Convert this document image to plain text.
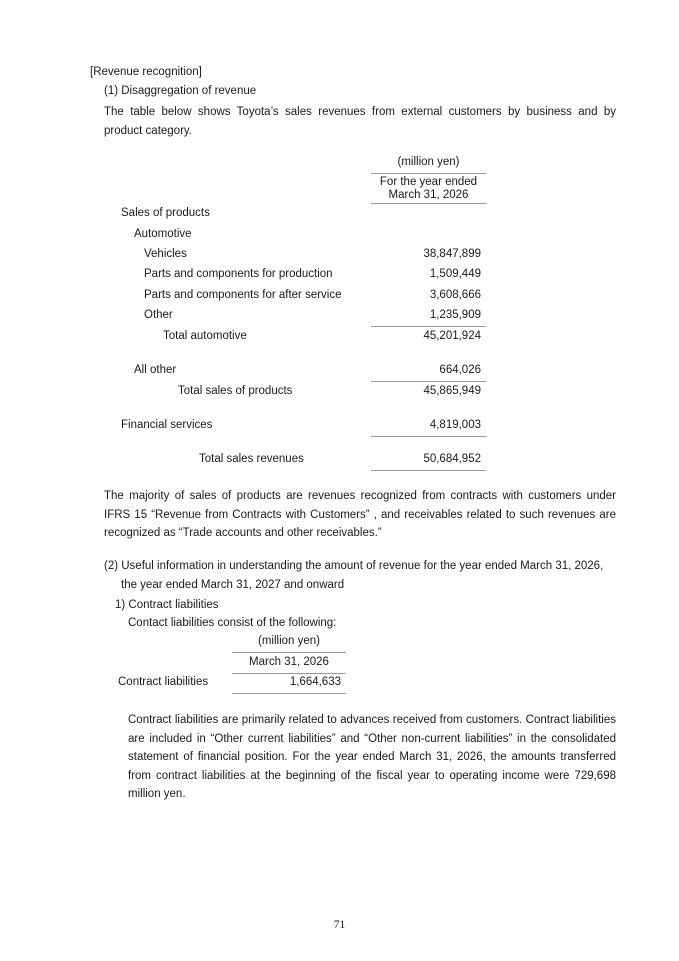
[Revenue recognition]
(1) Disaggregation of revenue
The table below shows Toyota’s sales revenues from external customers by business and by product category.
(million yen)
For the year ended
March 31, 2026
Sales of products
Automotive
Vehicles	38,847,899
Parts and components for production	1,509,449
Parts and components for after service	3,608,666
Other	1,235,909
Total automotive	45,201,924
All other	664,026
Total sales of products	45,865,949
Financial services	4,819,003
Total sales revenues	50,684,952
The majority of sales of products are revenues recognized from contracts with customers under IFRS 15 “Revenue from Contracts with Customers” , and receivables related to such revenues are recognized as “Trade accounts and other receivables.”
(2) Useful information in understanding the amount of revenue for the year ended March 31, 2026,
the year ended March 31, 2027 and onward
1) Contract liabilities
Contact liabilities consist of the following:
(million yen)
March 31, 2026
Contract liabilities	1,664,633
Contract liabilities are primarily related to advances received from customers. Contract liabilities are included in “Other current liabilities” and “Other non-current liabilities” in the consolidated statement of financial position. For the year ended March 31, 2026, the amounts transferred from contract liabilities at the beginning of the fiscal year to operating income were 729,698 million yen.
71
